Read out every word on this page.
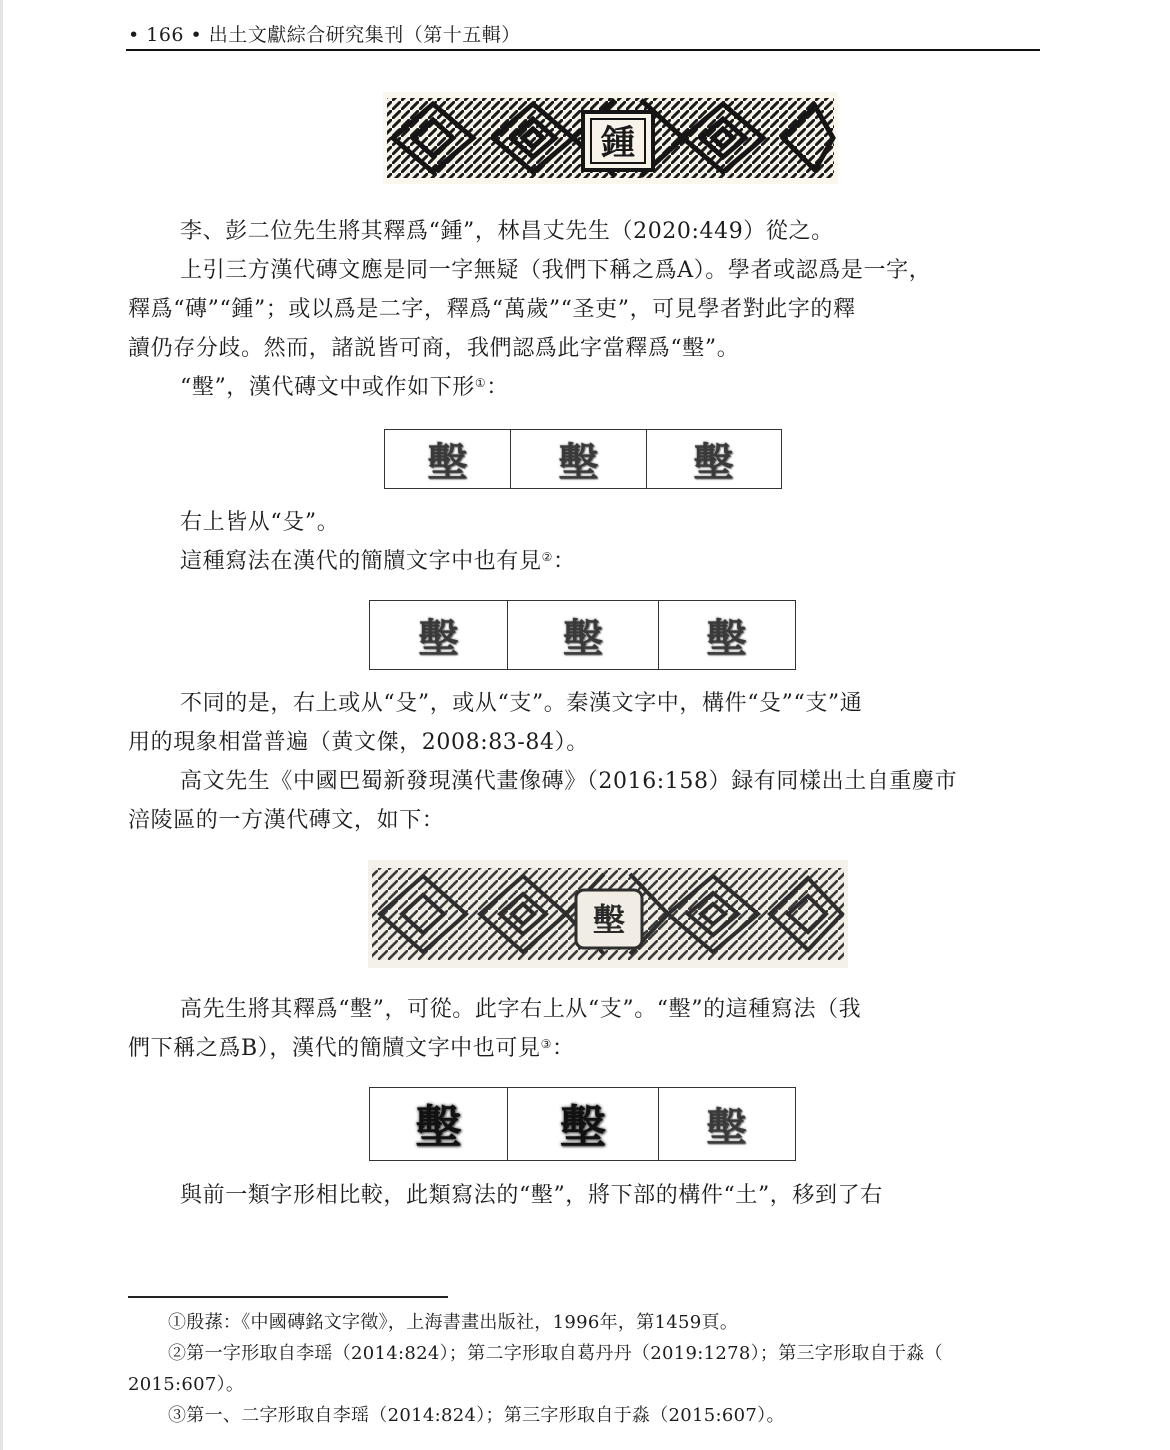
• 166 • 出土文獻綜合研究集刊（第十五輯）
鍾
李、彭二位先生將其釋爲“鍾”，林昌丈先生（2020:449）從之。
上引三方漢代磚文應是同一字無疑（我們下稱之爲A）。學者或認爲是一字，
釋爲“磚”“鍾”；或以爲是二字，釋爲“萬歲”“圣吏”，可見學者對此字的釋
讀仍存分歧。然而，諸説皆可商，我們認爲此字當釋爲“墼”。
“墼”，漢代磚文中或作如下形①：
墼	墼	墼
右上皆从“殳”。
這種寫法在漢代的簡牘文字中也有見②：
墼	墼	墼
不同的是，右上或从“殳”，或从“支”。秦漢文字中，構件“殳”“支”通
用的現象相當普遍（黄文傑，2008:83-84）。
高文先生《中國巴蜀新發現漢代畫像磚》（2016:158）録有同樣出土自重慶市
涪陵區的一方漢代磚文，如下：
墼
高先生將其釋爲“墼”，可從。此字右上从“支”。“墼”的這種寫法（我
們下稱之爲B），漢代的簡牘文字中也可見③：
墼	墼	墼
與前一類字形相比較，此類寫法的“墼”，將下部的構件“土”，移到了右
①殷蓀：《中國磚銘文字徵》，上海書畫出版社，1996年，第1459頁。
②第一字形取自李瑶（2014:824）；第二字形取自葛丹丹（2019:1278）；第三字形取自于淼（
2015:607）。
③第一、二字形取自李瑶（2014:824）；第三字形取自于淼（2015:607）。
